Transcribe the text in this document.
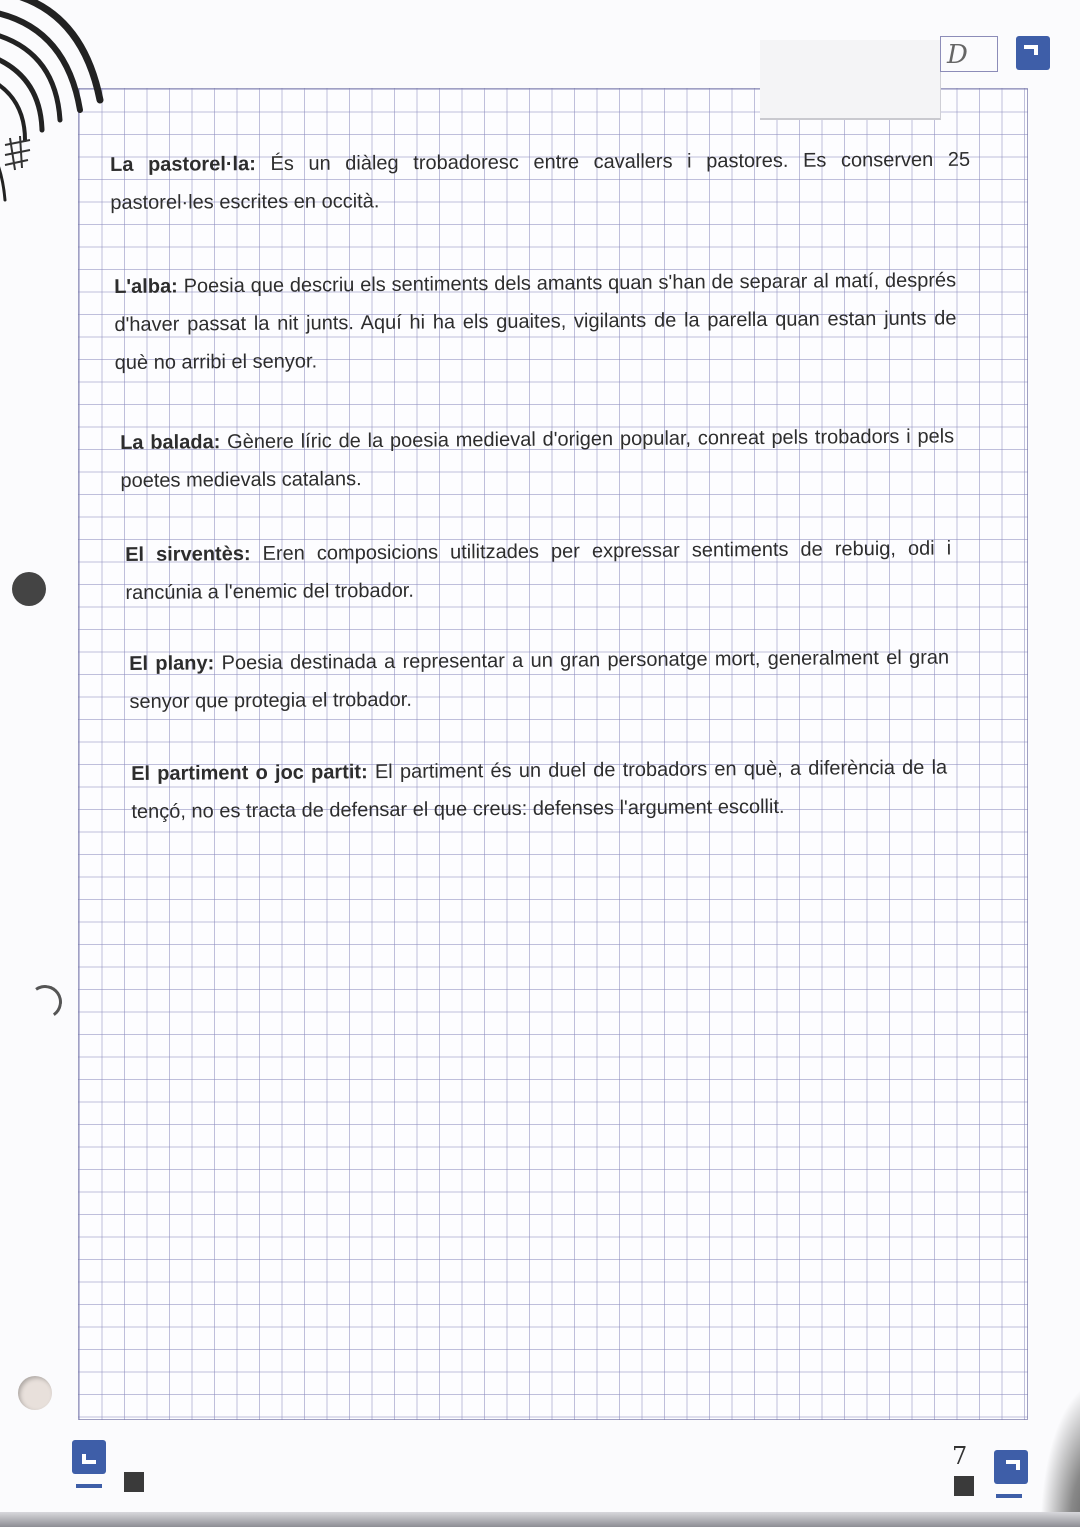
D
La pastorel·la: És un diàleg trobadoresc entre cavallers i pastores. Es conserven 25 pastorel·les escrites en occità.
L'alba: Poesia que descriu els sentiments dels amants quan s'han de separar al matí, després d'haver passat la nit junts. Aquí hi ha els guaites, vigilants de la parella quan estan junts de què no arribi el senyor.
La balada: Gènere líric de la poesia medieval d'origen popular, conreat pels trobadors i pels poetes medievals catalans.
El sirventès: Eren composicions utilitzades per expressar sentiments de rebuig, odi i rancúnia a l'enemic del trobador.
El plany: Poesia destinada a representar a un gran personatge mort, generalment el gran senyor que protegia el trobador.
El partiment o joc partit: El partiment és un duel de trobadors en què, a diferència de la tençó, no es tracta de defensar el que creus: defenses l'argument escollit.
7
